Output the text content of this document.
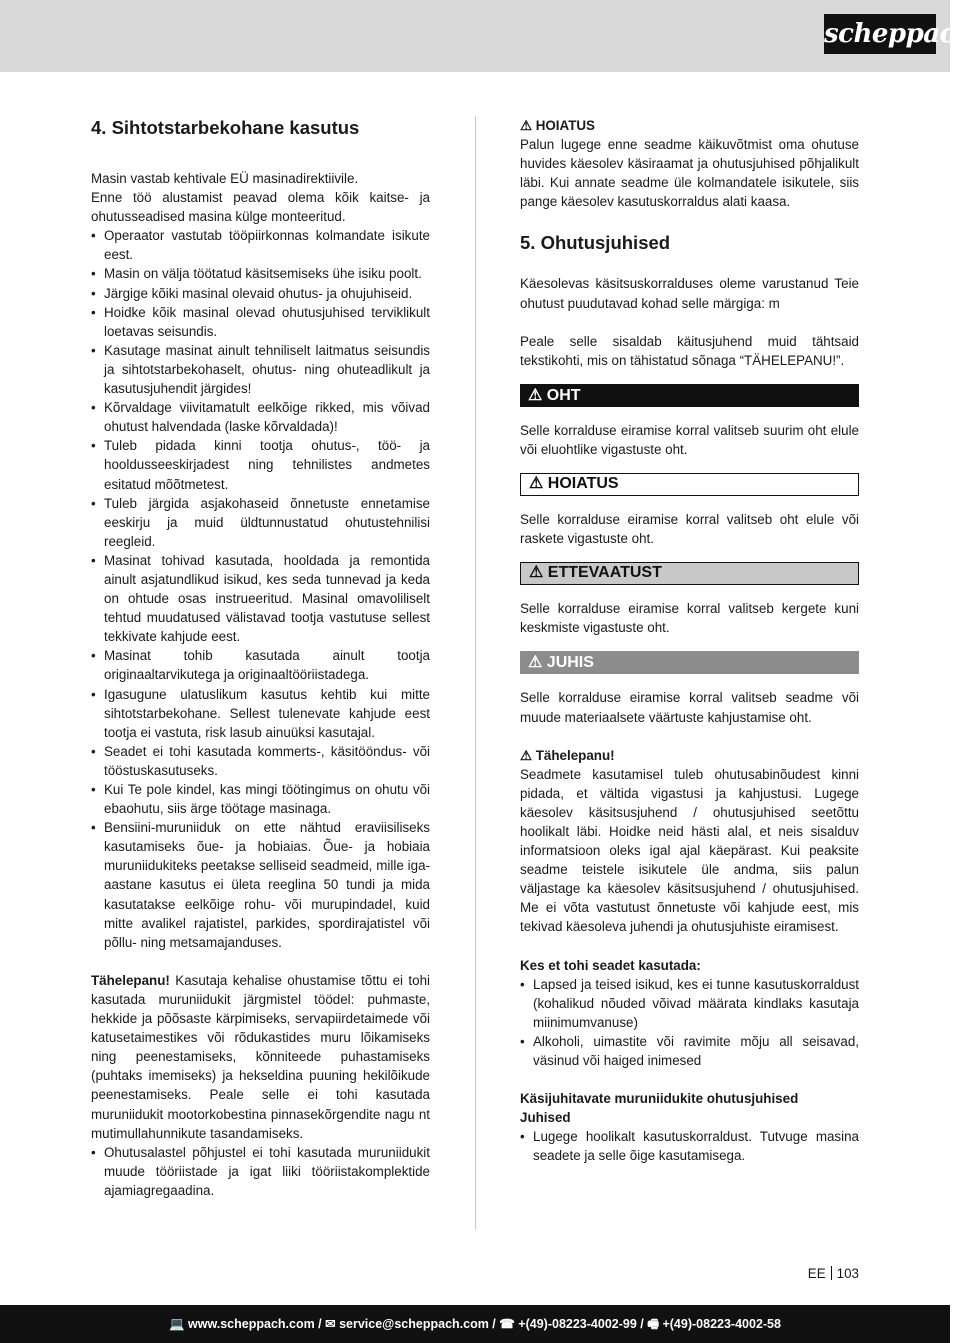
scheppach
4. Sihtotstarbekohane kasutus

Masin vastab kehtivale EÜ masinadirektiivile.
Enne töö alustamist peavad olema kõik kaitse- ja ohutusseadised masina külge monteeritud.

• Operaator vastutab tööpiirkonnas kolmandate isikute eest.
• Masin on välja töötatud käsitsemiseks ühe isiku poolt.
• Järgige kõiki masinal olevaid ohutus- ja ohujuhiseid.
• Hoidke kõik masinal olevad ohutusjuhised terviklikult loetavas seisundis.
• Kasutage masinat ainult tehniliselt laitmatus seisundis ja sihtotstarbekohaselt, ohutus- ning ohuteadlikult ja kasutusjuhendit järgides!
• Kõrvaldage viivitamatult eelkõige rikked, mis võivad ohutust halvendada (laske kõrvaldada)!
• Tuleb pidada kinni tootja ohutus-, töö- ja hooldusseeskirjadest ning tehnilistes andmetes esitatud mõõtmetest.
• Tuleb järgida asjakohaseid õnnetuste ennetamise eeskirju ja muid üldtunnustatud ohutustehnilisi reegleid.
• Masinat tohivad kasutada, hooldada ja remontida ainult asjatundlikud isikud, kes seda tunnevad ja keda on ohtude osas instrueeritud. Masinal omavoliliselt tehtud muudatused välistavad tootja vastutuse sellest tekkivate kahjude eest.
• Masinat tohib kasutada ainult tootja originaaltarvikutega ja originaaltööriistadega.
• Igasugune ulatuslikum kasutus kehtib kui mitte sihtotstarbekohane. Sellest tulenevate kahjude eest tootja ei vastuta, risk lasub ainuüksi kasutajal.
• Seadet ei tohi kasutada kommerts-, käsitööndus- või tööstuskasutuseks.
• Kui Te pole kindel, kas mingi töötingimus on ohutu või ebaohutu, siis ärge töötage masinaga.
• Bensiini-muruniiduk on ette nähtud eraviisiliseks kasutamiseks õue- ja hobiaias. Õue- ja hobiaia muruniidukiteks peetakse selliseid seadmeid, mille iga-aastane kasutus ei ületa reeglina 50 tundi ja mida kasutatakse eelkõige rohu- või murupindadel, kuid mitte avalikel rajatistel, parkides, spordirajatistel või põllu- ning metsamajanduses.

Tähelepanu! Kasutaja kehalise ohustamise tõttu ei tohi kasutada muruniidukit järgmistel töödel: puhmaste, hekkide ja põõsaste kärpimiseks, servapiirdetaimede või katusetaimestikes või rõdukastides muru lõikamiseks ning peenestamiseks, kõnniteede puhastamiseks (puhtaks imemiseks) ja hekseldina puuning hekilõikude peenestamiseks. Peale selle ei tohi kasutada muruniidukit mootorkobestina pinnasekõrgendite nagu nt mutimullahunnikute tasandamiseks.

• Ohutusalastel põhjustel ei tohi kasutada muruniidukit muude tööriistade ja igat liiki tööriistakomplektide ajamiagregaadina.
⚠ HOIATUS

Palun lugege enne seadme käikuvõtmist oma ohutuse huvides käesolev käsiraamat ja ohutusjuhised põhjalikult läbi. Kui annate seadme üle kolmandatele isikutele, siis pange käesolev kasutuskorraldus alati kaasa.

5. Ohutusjuhised

Käesolevas käsitsuskorralduses oleme varustanud Teie ohutust puudutavad kohad selle märgiga: m

Peale selle sisaldab käitusjuhend muid tähtsaid tekstikohti, mis on tähistatud sõnaga “TÄHELEPANU!”.

⚠ OHT

Selle korralduse eiramise korral valitseb suurim oht elule või eluohtlike vigastuste oht.

⚠ HOIATUS

Selle korralduse eiramise korral valitseb oht elule või raskete vigastuste oht.

⚠ ETTEVAATUST

Selle korralduse eiramise korral valitseb kergete kuni keskmiste vigastuste oht.

⚠ JUHIS

Selle korralduse eiramise korral valitseb seadme või muude materiaalsete väärtuste kahjustamise oht.

⚠ Tähelepanu!

Seadmete kasutamisel tuleb ohutusabinõudest kinni pidada, et vältida vigastusi ja kahjustusi. Lugege käesolev käsitsusjuhend / ohutusjuhised seetõttu hoolikalt läbi. Hoidke neid hästi alal, et neis sisalduv informatsioon oleks igal ajal käepärast. Kui peaksite seadme teistele isikutele üle andma, siis palun väljastage ka käesolev käsitsusjuhend / ohutusjuhised. Me ei võta vastutust õnnetuste või kahjude eest, mis tekivad käesoleva juhendi ja ohutusjuhiste eiramisest.

Kes et tohi seadet kasutada:
• Lapsed ja teised isikud, kes ei tunne kasutuskorraldust (kohalikud nõuded võivad määrata kindlaks kasutaja miinimumvanuse)
• Alkoholi, uimastite või ravimite mõju all seisavad, väsinud või haiged inimesed
Käsijuhitavate muruniidukite ohutusjuhised
Juhised
• Lugege hoolikalt kasutuskorraldust. Tutvuge masina seadete ja selle õige kasutamisega.
EE 103
💻 www.scheppach.com / ✉ service@scheppach.com / ☎ +(49)-08223-4002-99 / 🖷 +(49)-08223-4002-58
